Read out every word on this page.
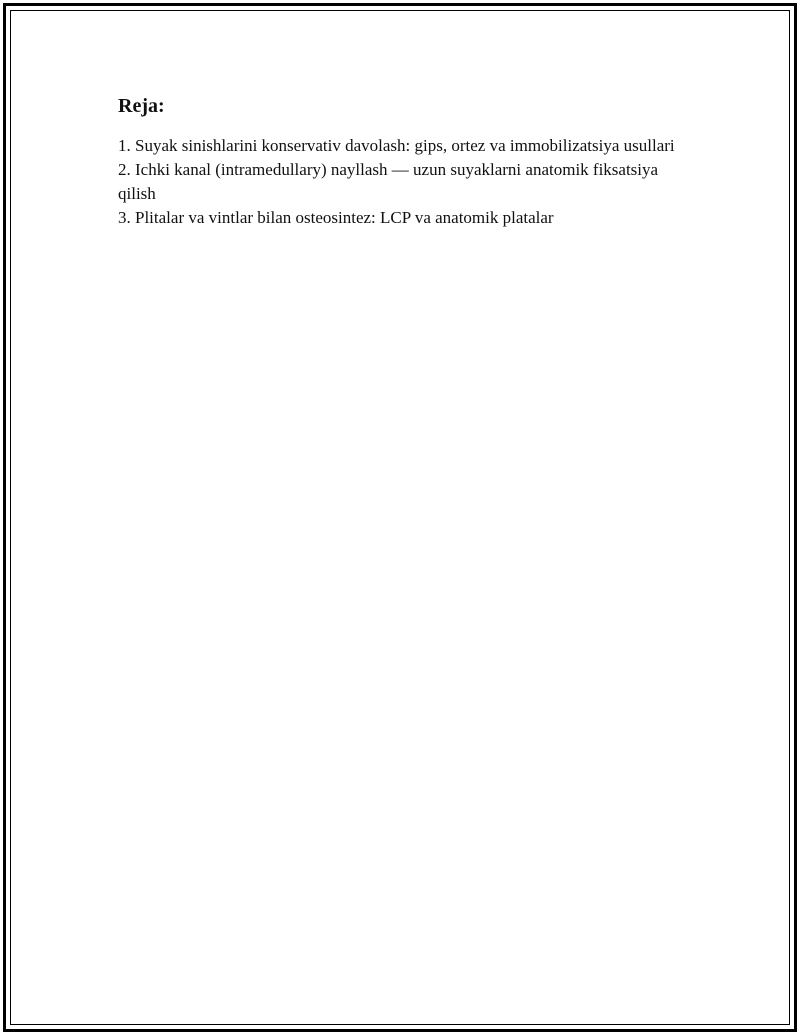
Reja:
1. Suyak sinishlarini konservativ davolash: gips, ortez va immobilizatsiya usullari
2. Ichki kanal (intramedullary) nayllash — uzun suyaklarni anatomik fiksatsiya qilish
3. Plitalar va vintlar bilan osteosintez: LCP va anatomik platalar
